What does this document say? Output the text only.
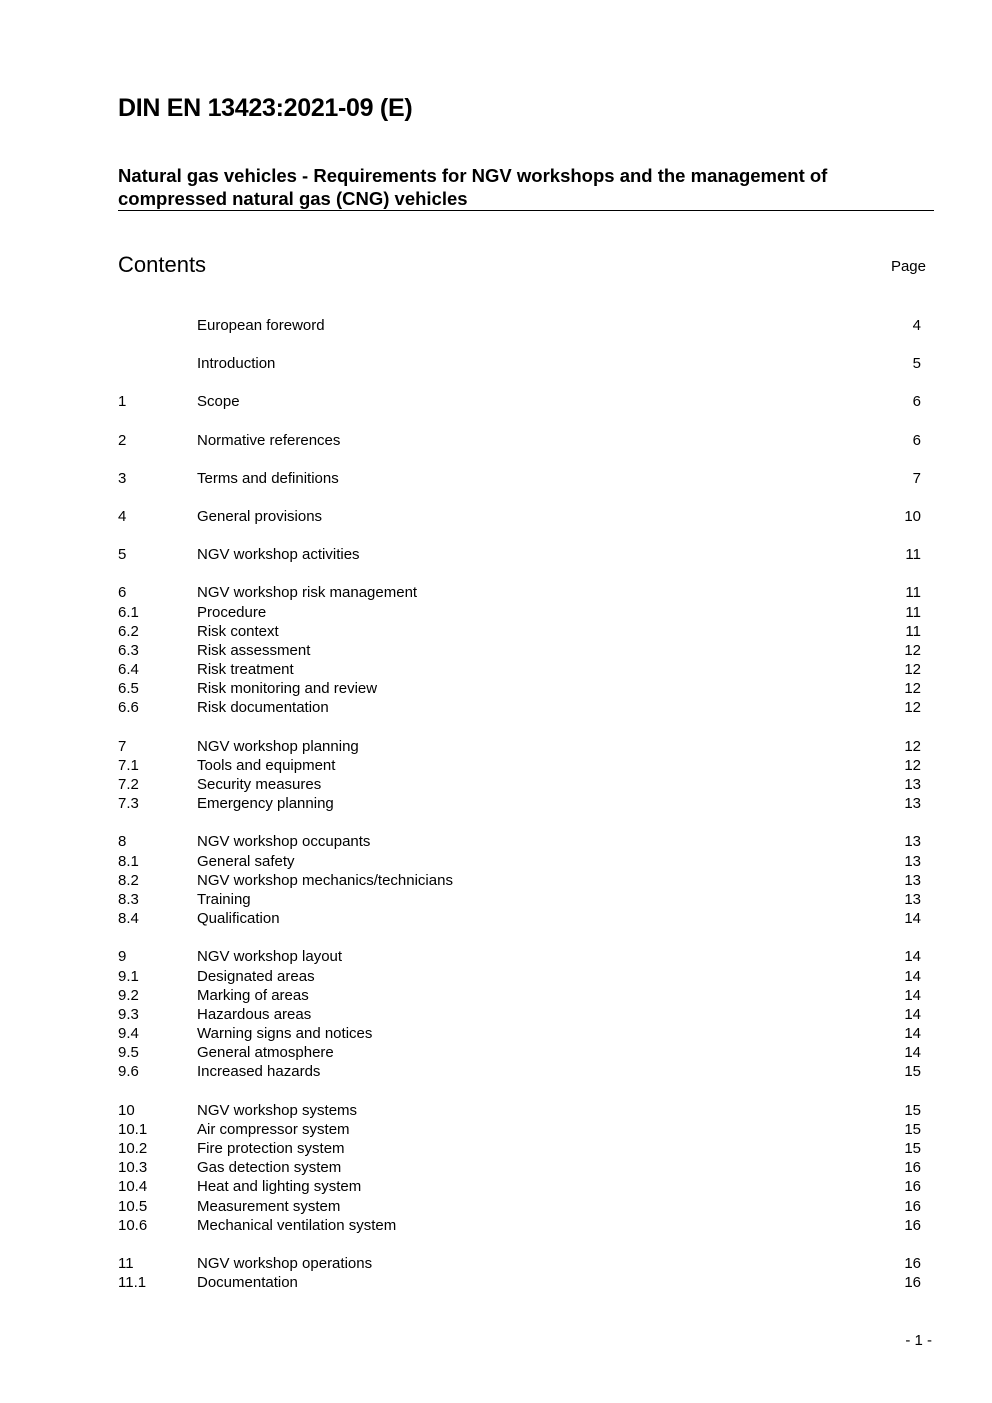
DIN EN 13423:2021-09 (E)
Natural gas vehicles - Requirements for NGV workshops and the management of
compressed natural gas (CNG) vehicles
Contents	Page
European foreword	4
Introduction	5
1	Scope	6
2	Normative references	6
3	Terms and definitions	7
4	General provisions	10
5	NGV workshop activities	11
6	NGV workshop risk management	11
6.1	Procedure	11
6.2	Risk context	11
6.3	Risk assessment	12
6.4	Risk treatment	12
6.5	Risk monitoring and review	12
6.6	Risk documentation	12
7	NGV workshop planning	12
7.1	Tools and equipment	12
7.2	Security measures	13
7.3	Emergency planning	13
8	NGV workshop occupants	13
8.1	General safety	13
8.2	NGV workshop mechanics/technicians	13
8.3	Training	13
8.4	Qualification	14
9	NGV workshop layout	14
9.1	Designated areas	14
9.2	Marking of areas	14
9.3	Hazardous areas	14
9.4	Warning signs and notices	14
9.5	General atmosphere	14
9.6	Increased hazards	15
10	NGV workshop systems	15
10.1	Air compressor system	15
10.2	Fire protection system	15
10.3	Gas detection system	16
10.4	Heat and lighting system	16
10.5	Measurement system	16
10.6	Mechanical ventilation system	16
11	NGV workshop operations	16
11.1	Documentation	16
- 1 -
